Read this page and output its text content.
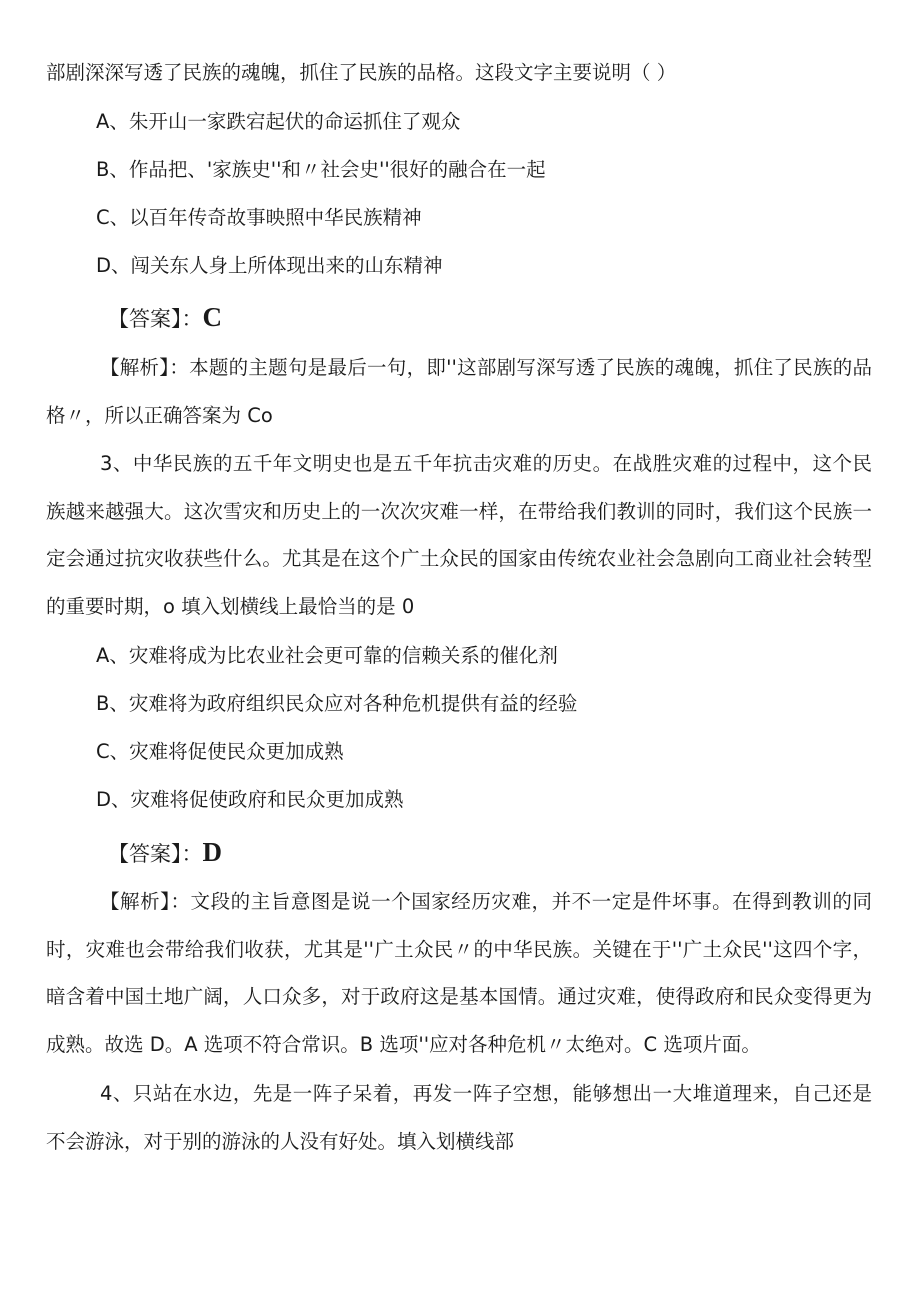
部剧深深写透了民族的魂魄，抓住了民族的品格。这段文字主要说明（ ）
A、朱开山一家跌宕起伏的命运抓住了观众
B、作品把、'家族史''和〃社会史''很好的融合在一起
C、以百年传奇故事映照中华民族精神
D、闯关东人身上所体现出来的山东精神
【答案】：C
【解析】：本题的主题句是最后一句，即''这部剧写深写透了民族的魂魄，抓住了民族的品格〃，所以正确答案为 Co
3、中华民族的五千年文明史也是五千年抗击灾难的历史。在战胜灾难的过程中，这个民族越来越强大。这次雪灾和历史上的一次次灾难一样，在带给我们教训的同时，我们这个民族一定会通过抗灾收获些什么。尤其是在这个广土众民的国家由传统农业社会急剧向工商业社会转型的重要时期，o 填入划横线上最恰当的是 0
A、灾难将成为比农业社会更可靠的信赖关系的催化剂
B、灾难将为政府组织民众应对各种危机提供有益的经验
C、灾难将促使民众更加成熟
D、灾难将促使政府和民众更加成熟
【答案】：D
【解析】：文段的主旨意图是说一个国家经历灾难，并不一定是件坏事。在得到教训的同时，灾难也会带给我们收获，尤其是''广土众民〃的中华民族。关键在于''广土众民''这四个字，暗含着中国土地广阔，人口众多，对于政府这是基本国情。通过灾难，使得政府和民众变得更为成熟。故选 D。A 选项不符合常识。B 选项''应对各种危机〃太绝对。C 选项片面。
4、只站在水边，先是一阵子呆着，再发一阵子空想，能够想出一大堆道理来，自己还是不会游泳，对于别的游泳的人没有好处。填入划横线部
